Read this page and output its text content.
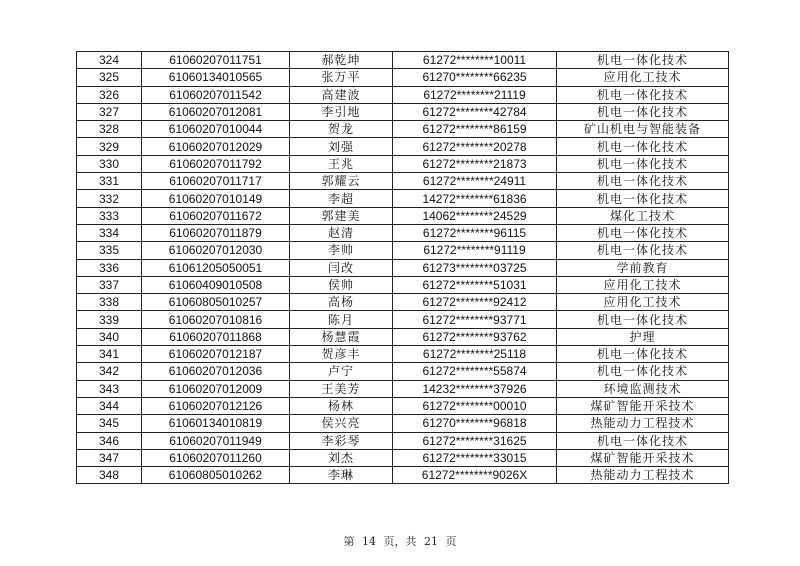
324	61060207011751	郝乾坤	61272********10011	机电一体化技术
325	61060134010565	张万平	61270********66235	应用化工技术
326	61060207011542	高建波	61272********21119	机电一体化技术
327	61060207012081	李引地	61272********42784	机电一体化技术
328	61060207010044	贺龙	61272********86159	矿山机电与智能装备
329	61060207012029	刘强	61272********20278	机电一体化技术
330	61060207011792	王兆	61272********21873	机电一体化技术
331	61060207011717	郭耀云	61272********24911	机电一体化技术
332	61060207010149	李超	14272********61836	机电一体化技术
333	61060207011672	郭建美	14062********24529	煤化工技术
334	61060207011879	赵清	61272********96115	机电一体化技术
335	61060207012030	李帅	61272********91119	机电一体化技术
336	61061205050051	闫改	61273********03725	学前教育
337	61060409010508	侯帅	61272********51031	应用化工技术
338	61060805010257	高杨	61272********92412	应用化工技术
339	61060207010816	陈月	61272********93771	机电一体化技术
340	61060207011868	杨慧霞	61272********93762	护理
341	61060207012187	贺彦丰	61272********25118	机电一体化技术
342	61060207012036	卢宁	61272********55874	机电一体化技术
343	61060207012009	王美芳	14232********37926	环境监测技术
344	61060207012126	杨林	61272********00010	煤矿智能开采技术
345	61060134010819	侯兴亮	61270********96818	热能动力工程技术
346	61060207011949	李彩琴	61272********31625	机电一体化技术
347	61060207011260	刘杰	61272********33015	煤矿智能开采技术
348	61060805010262	李琳	61272********9026X	热能动力工程技术
第 14 页，共 21 页
